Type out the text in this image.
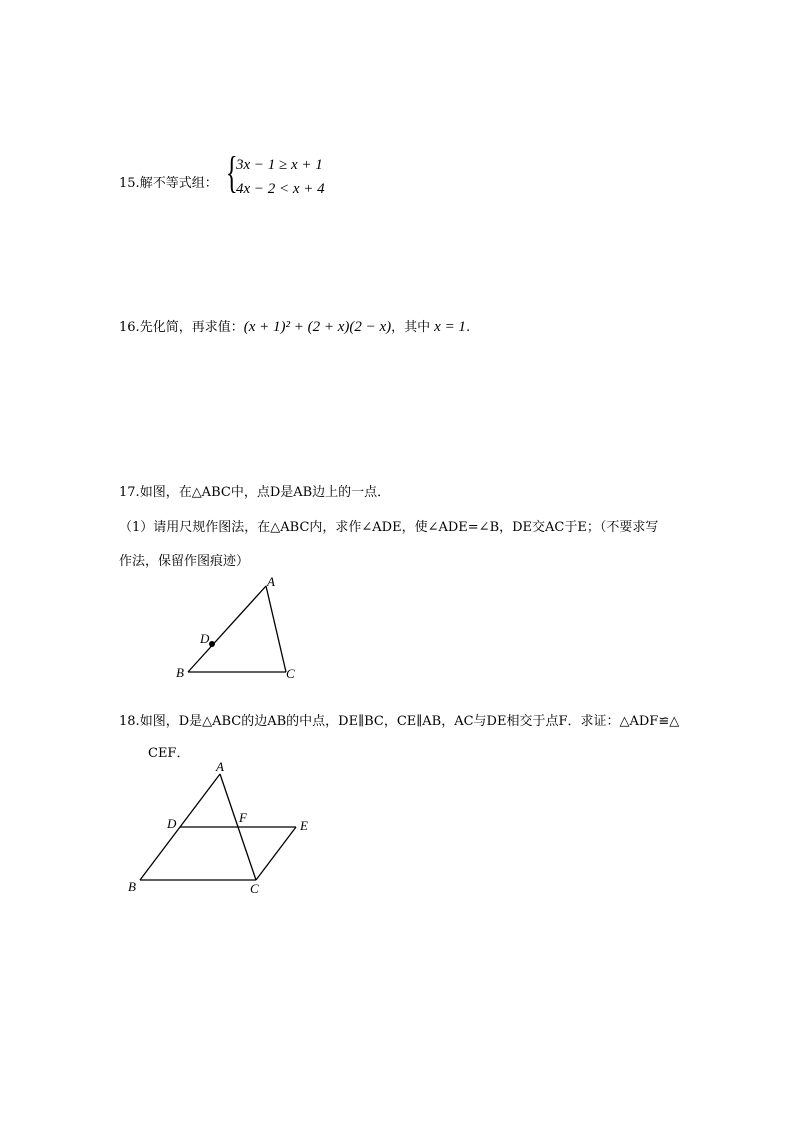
15.解不等式组： {
3x − 1 ≥ x + 1
4x − 2 < x + 4
16.先化简，再求值：(x + 1)² + (2 + x)(2 − x)，其中 x = 1.
17.如图，在△ABC中，点D是AB边上的一点．
（1）请用尺规作图法，在△ABC内，求作∠ADE，使∠ADE=∠B，DE交AC于E；（不要求写
作法，保留作图痕迹）
A
B	C
D
18.如图，D是△ABC的边AB的中点，DE∥BC，CE∥AB，AC与DE相交于点F．求证：△ADF≌△
CEF．
A
B	C
D	E
F
